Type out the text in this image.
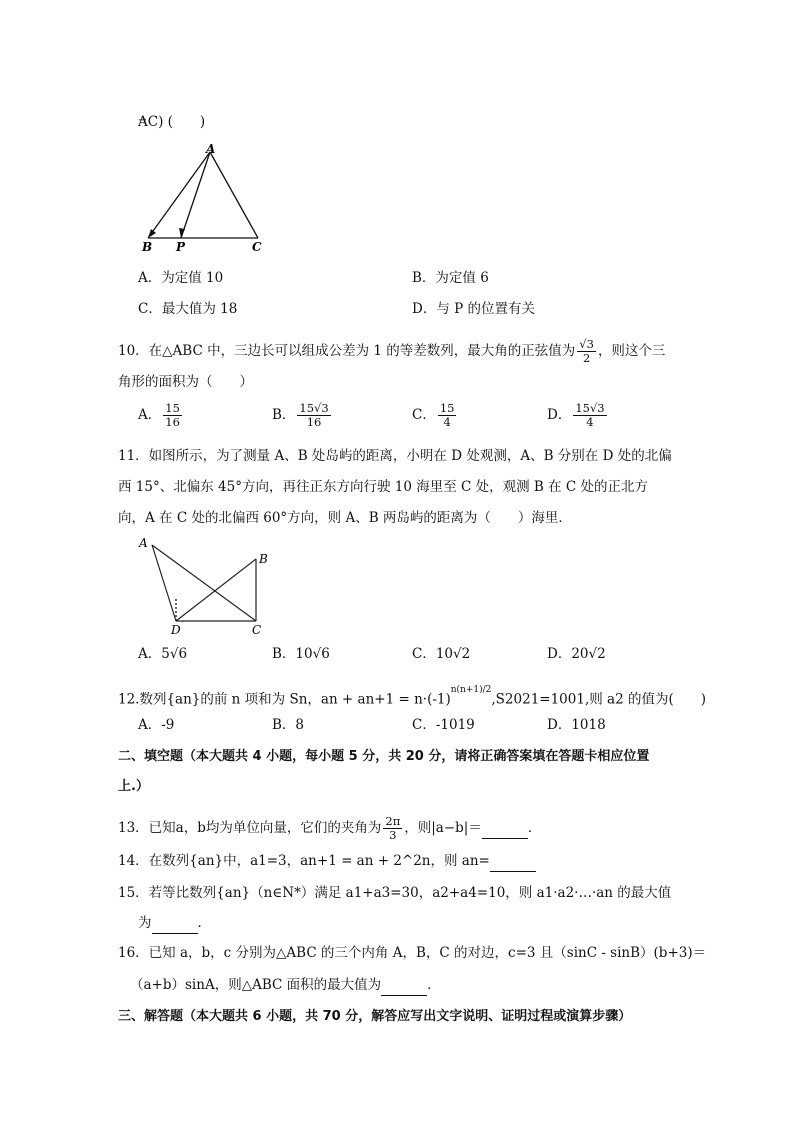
AC) (　　)
A
B P	C
A．为定值 10	B．为定值 6
C．最大值为 18	D．与 P 的位置有关
10．在△ABC 中，三边长可以组成公差为 1 的等差数列，最大角的正弦值为 $\frac{√3}{2}$ ，则这个三
角形的面积为（　　）
A． $\frac{15}{16}$	B． $\frac{15√3}{16}$	C． $\frac{15}{4}$	D． $\frac{15√3}{4}$
11．如图所示，为了测量 A、B 处岛屿的距离，小明在 D 处观测，A、B 分别在 D 处的北偏
西 15°、北偏东 45°方向，再往正东方向行驶 10 海里至 C 处，观测 B 在 C 处的正北方
向，A 在 C 处的北偏西 60°方向，则 A、B 两岛屿的距离为（　　）海里．
A
B
D	C
A．5√6	B．10√6	C．10√2	D．20√2
12.数列{an}的前 n 项和为 Sn，an + $an+1 = n\cdot(-1)^{n(n+1)/2},S2021=1001$,则 a2 的值为(　　)
A．-9	B．8	C．-1019	D．1018
二、填空题（本大题共 4 小题，每小题 5 分，共 20 分，请将正确答案填在答题卡相应位置
上.）
13．已知a，b均为单位向量，它们的夹角为 $\frac{2\pi}{3}$ ，则|a−b|＝	．
14．在数列{an}中，a1=3，an+1 = an + 2^2n，则 an=
15．若等比数列{an}（n∈N*）满足 a1+a3=30，a2+a4=10，则 a1·a2·…·an 的最大值
为	．
16．已知 a，b，c 分别为△ABC 的三个内角 A，B，C 的对边，c=3 且（sinC - sinB）(b+3)＝
（a+b）sinA，则△ABC 面积的最大值为	．
三、解答题（本大题共 6 小题，共 70 分，解答应写出文字说明、证明过程或演算步骤）
